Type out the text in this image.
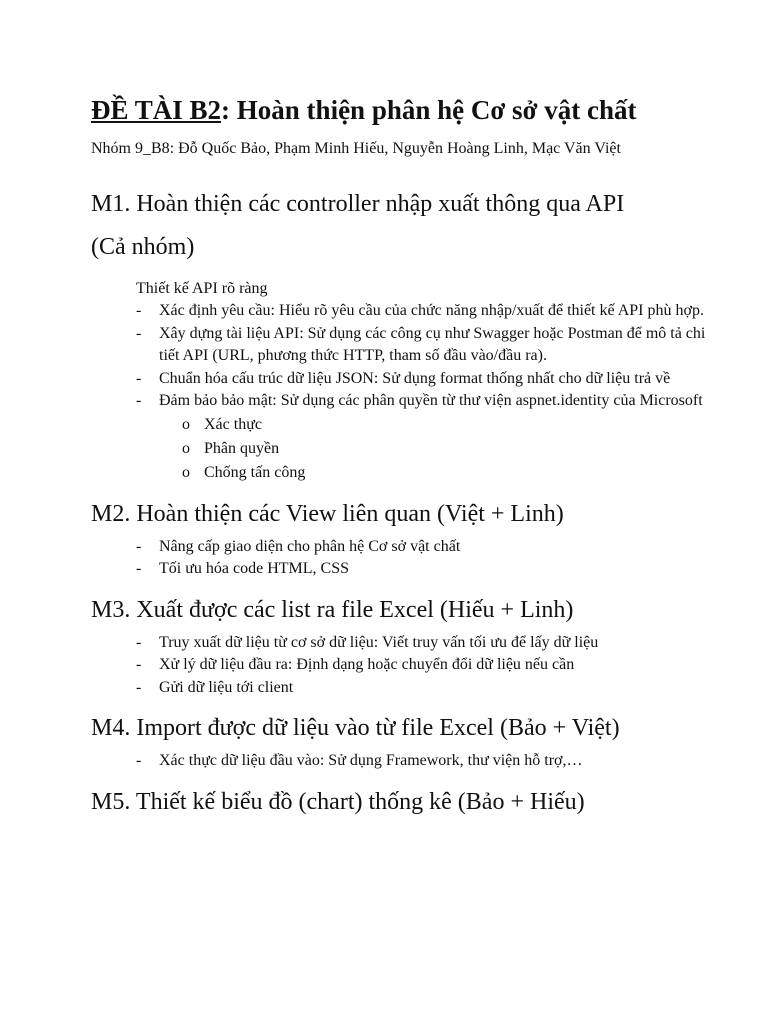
ĐỀ TÀI B2: Hoàn thiện phân hệ Cơ sở vật chất

Nhóm 9_B8: Đỗ Quốc Bảo, Phạm Minh Hiếu, Nguyễn Hoàng Linh, Mạc Văn Việt

M1. Hoàn thiện các controller nhập xuất thông qua API
(Cả nhóm)

Thiết kế API rõ ràng

- Xác định yêu cầu: Hiểu rõ yêu cầu của chức năng nhập/xuất để thiết kế API phù hợp.
- Xây dựng tài liệu API: Sử dụng các công cụ như Swagger hoặc Postman để mô tả chi tiết API (URL, phương thức HTTP, tham số đầu vào/đầu ra).
- Chuẩn hóa cấu trúc dữ liệu JSON: Sử dụng format thống nhất cho dữ liệu trả về
- Đảm bảo bảo mật: Sử dụng các phân quyền từ thư viện aspnet.identity của Microsoft
o Xác thực
o Phân quyền
o Chống tấn công
M2. Hoàn thiện các View liên quan (Việt + Linh)
- Nâng cấp giao diện cho phân hệ Cơ sở vật chất
- Tối ưu hóa code HTML, CSS
M3. Xuất được các list ra file Excel (Hiếu + Linh)
- Truy xuất dữ liệu từ cơ sở dữ liệu: Viết truy vấn tối ưu để lấy dữ liệu
- Xử lý dữ liệu đầu ra: Định dạng hoặc chuyển đổi dữ liệu nếu cần
- Gửi dữ liệu tới client
M4. Import được dữ liệu vào từ file Excel (Bảo + Việt)
- Xác thực dữ liệu đầu vào: Sử dụng Framework, thư viện hỗ trợ,…
M5. Thiết kế biểu đồ (chart) thống kê (Bảo + Hiếu)
